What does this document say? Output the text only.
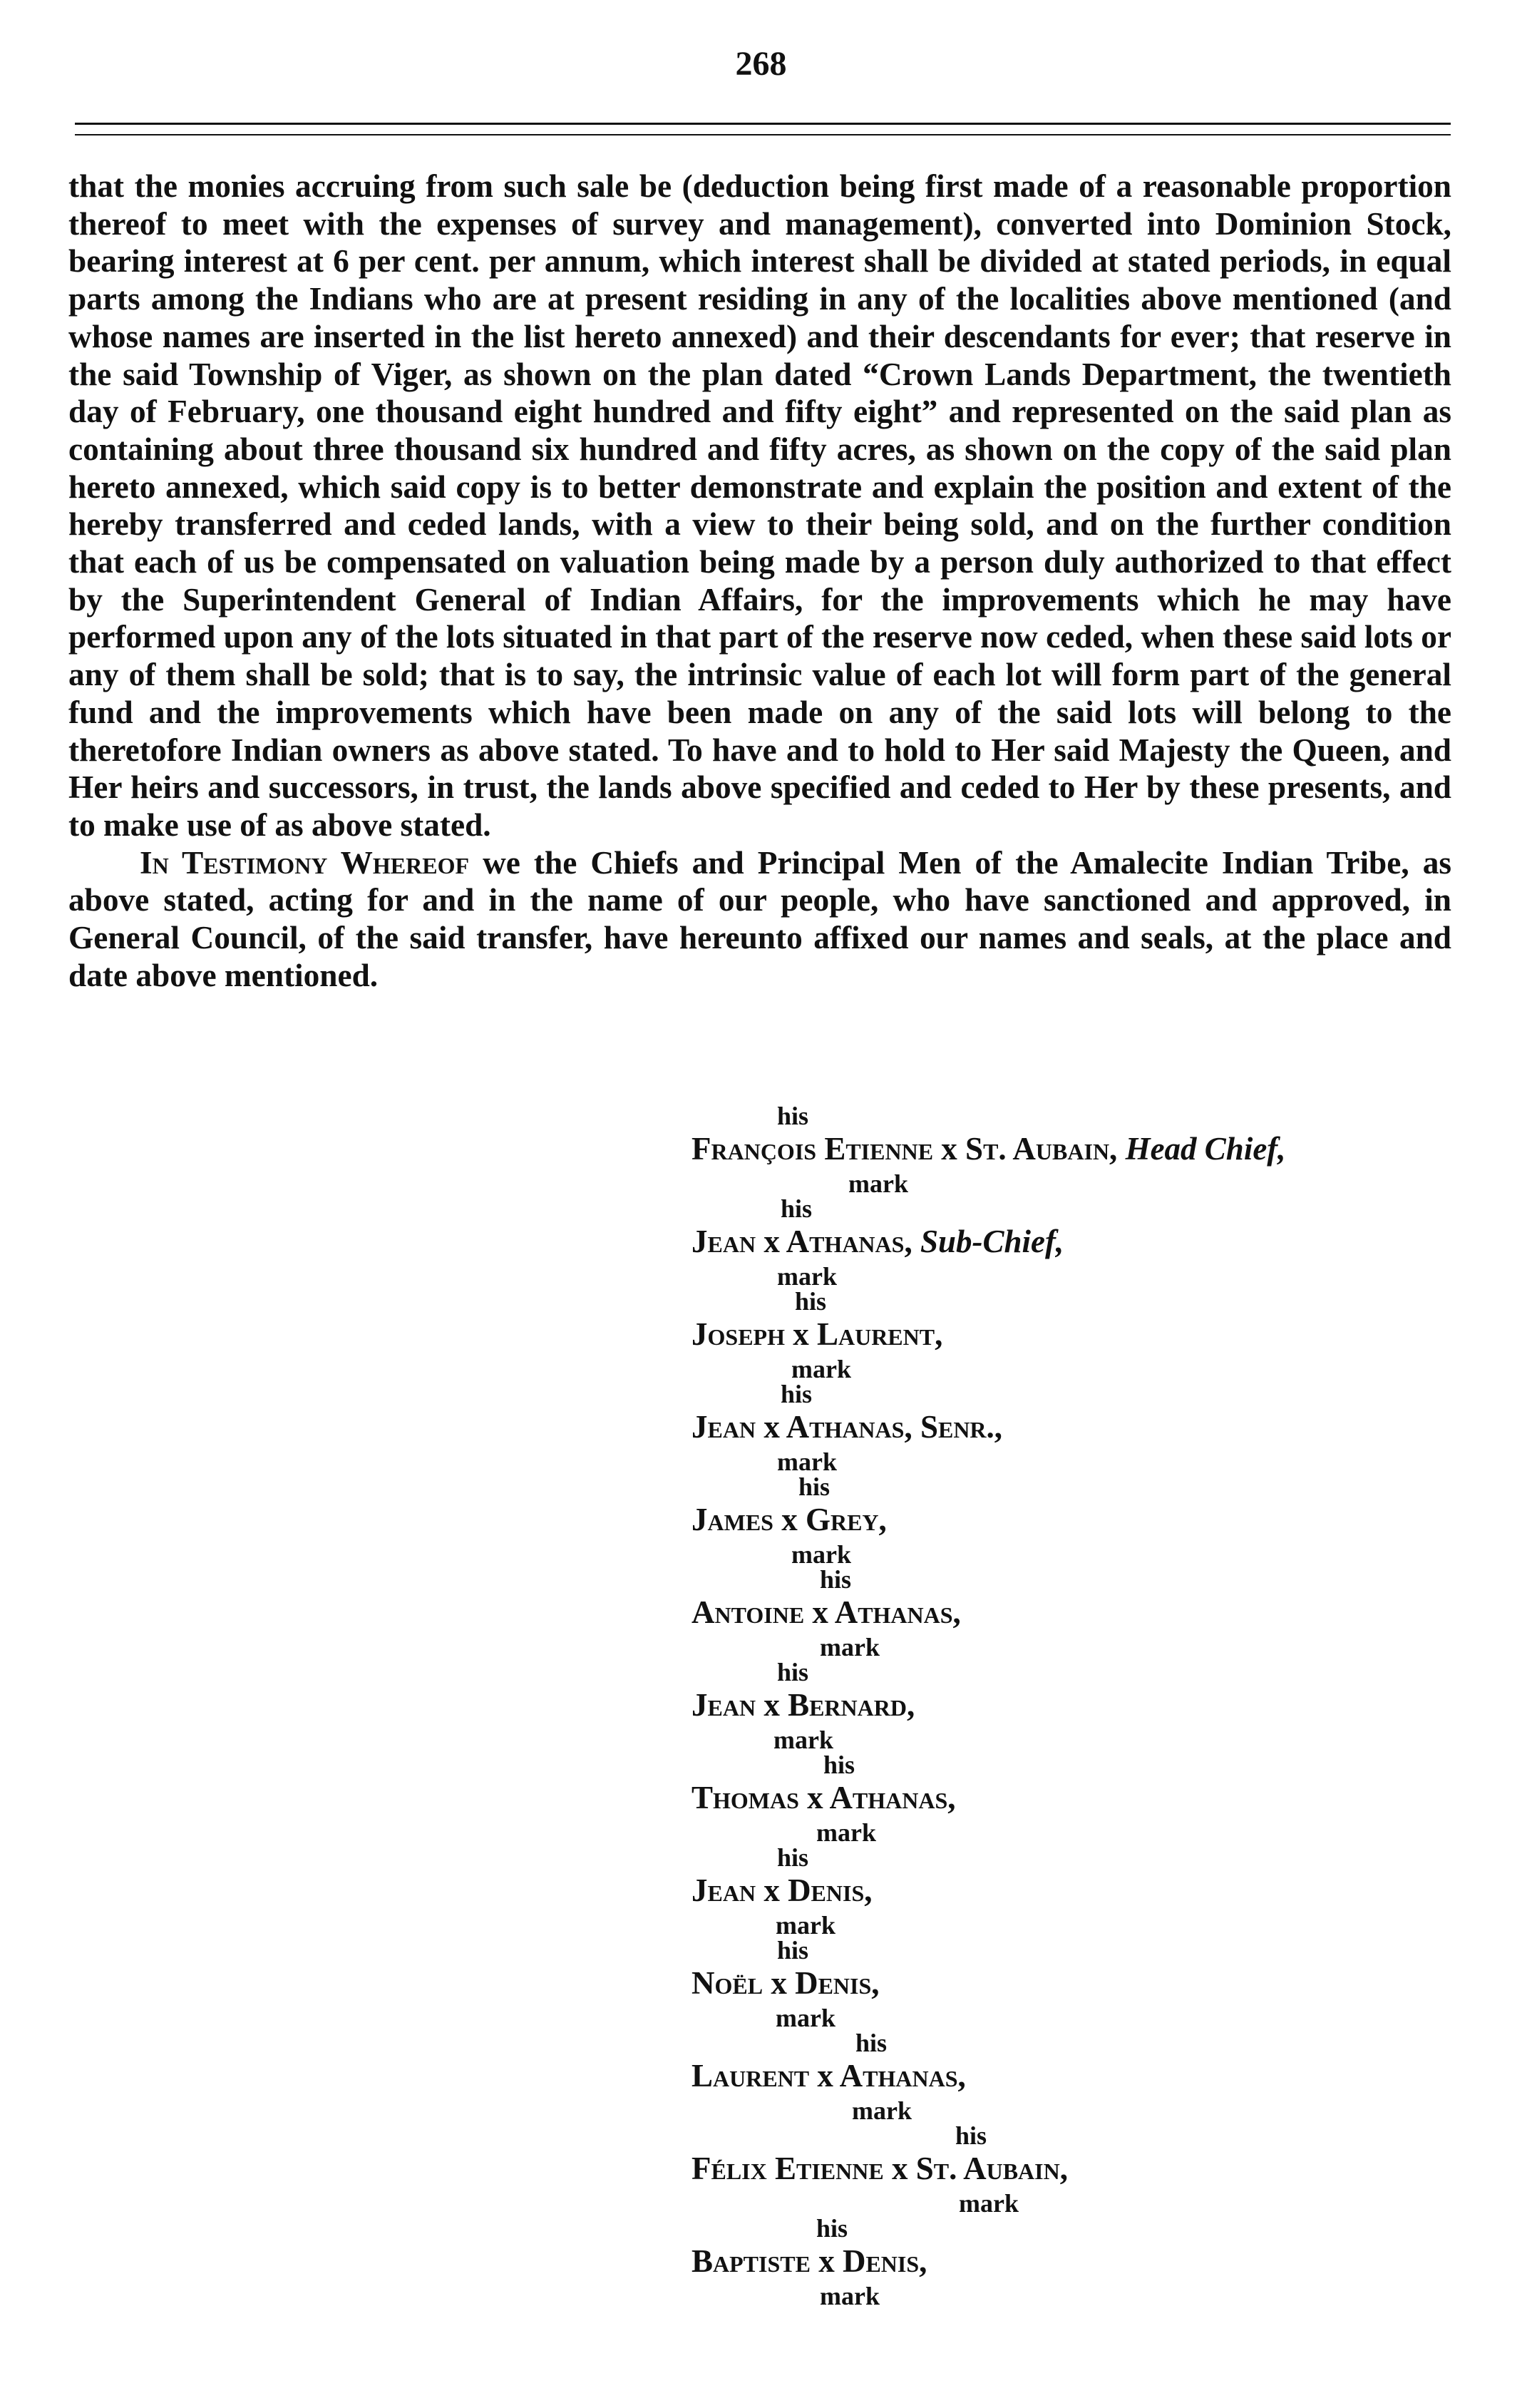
268

that the monies accruing from such sale be (deduction being first made of a reasonable proportion thereof to meet with the expenses of survey and management), converted into Dominion Stock, bearing interest at 6 per cent. per annum, which interest shall be divided at stated periods, in equal parts among the Indians who are at present residing in any of the localities above mentioned (and whose names are inserted in the list hereto annexed) and their descendants for ever; that reserve in the said Township of Viger, as shown on the plan dated “Crown Lands Department, the twentieth day of February, one thousand eight hundred and fifty eight” and represented on the said plan as containing about three thousand six hundred and fifty acres, as shown on the copy of the said plan hereto annexed, which said copy is to better demonstrate and explain the position and extent of the hereby transferred and ceded lands, with a view to their being sold, and on the further condition that each of us be compensated on valuation being made by a person duly authorized to that effect by the Superintendent General of Indian Affairs, for the improvements which he may have performed upon any of the lots situated in that part of the reserve now ceded, when these said lots or any of them shall be sold; that is to say, the intrinsic value of each lot will form part of the general fund and the improvements which have been made on any of the said lots will belong to the theretofore Indian owners as above stated. To have and to hold to Her said Majesty the Queen, and Her heirs and successors, in trust, the lands above specified and ceded to Her by these presents, and to make use of as above stated.

In Testimony Whereof we the Chiefs and Principal Men of the Amalecite Indian Tribe, as above stated, acting for and in the name of our people, who have sanctioned and approved, in General Council, of the said transfer, have hereunto affixed our names and seals, at the place and date above mentioned.

his
François Etienne x St. Aubain, Head Chief,
mark
his
Jean x Athanas, Sub-Chief,
mark
his
Joseph x Laurent,
mark
his
Jean x Athanas, Senr.,
mark
his
James x Grey,
mark
his
Antoine x Athanas,
mark
his
Jean x Bernard,
mark
his
Thomas x Athanas,
mark
his
Jean x Denis,
mark
his
Noël x Denis,
mark
his
Laurent x Athanas,
mark
his
Félix Etienne x St. Aubain,
mark
his
Baptiste x Denis,
mark
